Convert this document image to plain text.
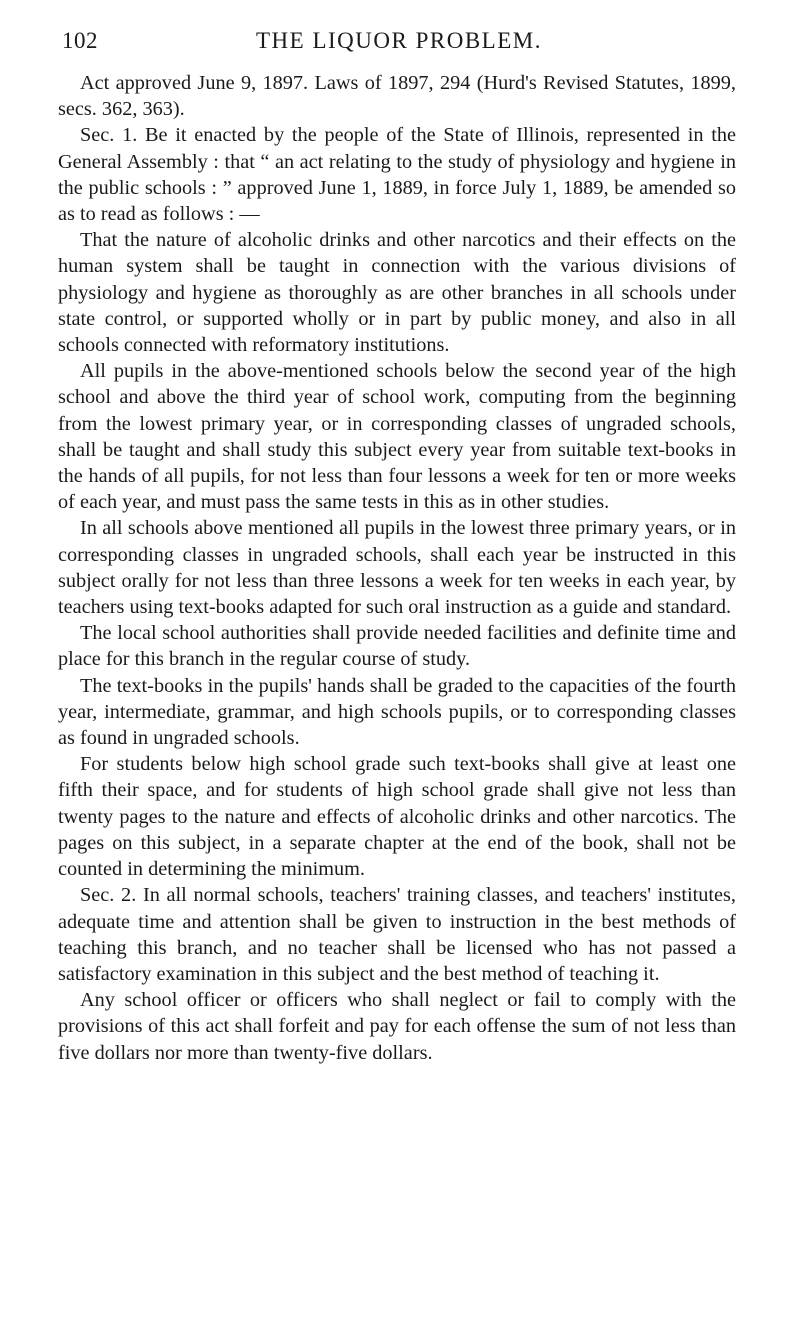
102	THE LIQUOR PROBLEM.

Act approved June 9, 1897. Laws of 1897, 294 (Hurd's Revised Statutes, 1899, secs. 362, 363).

Sec. 1. Be it enacted by the people of the State of Illinois, represented in the General Assembly : that “ an act relating to the study of physiology and hygiene in the public schools : ” approved June 1, 1889, in force July 1, 1889, be amended so as to read as follows : —

That the nature of alcoholic drinks and other narcotics and their effects on the human system shall be taught in connection with the various divisions of physiology and hygiene as thoroughly as are other branches in all schools under state control, or supported wholly or in part by public money, and also in all schools connected with reformatory institutions.

All pupils in the above-mentioned schools below the second year of the high school and above the third year of school work, computing from the beginning from the lowest primary year, or in corresponding classes of ungraded schools, shall be taught and shall study this subject every year from suitable text-books in the hands of all pupils, for not less than four lessons a week for ten or more weeks of each year, and must pass the same tests in this as in other studies.

In all schools above mentioned all pupils in the lowest three primary years, or in corresponding classes in ungraded schools, shall each year be instructed in this subject orally for not less than three lessons a week for ten weeks in each year, by teachers using text-books adapted for such oral instruction as a guide and standard.

The local school authorities shall provide needed facilities and definite time and place for this branch in the regular course of study.

The text-books in the pupils' hands shall be graded to the capacities of the fourth year, intermediate, grammar, and high schools pupils, or to corresponding classes as found in ungraded schools.

For students below high school grade such text-books shall give at least one fifth their space, and for students of high school grade shall give not less than twenty pages to the nature and effects of alcoholic drinks and other narcotics. The pages on this subject, in a separate chapter at the end of the book, shall not be counted in determining the minimum.

Sec. 2. In all normal schools, teachers' training classes, and teachers' institutes, adequate time and attention shall be given to instruction in the best methods of teaching this branch, and no teacher shall be licensed who has not passed a satisfactory examination in this subject and the best method of teaching it.

Any school officer or officers who shall neglect or fail to comply with the provisions of this act shall forfeit and pay for each offense the sum of not less than five dollars nor more than twenty-five dollars.
